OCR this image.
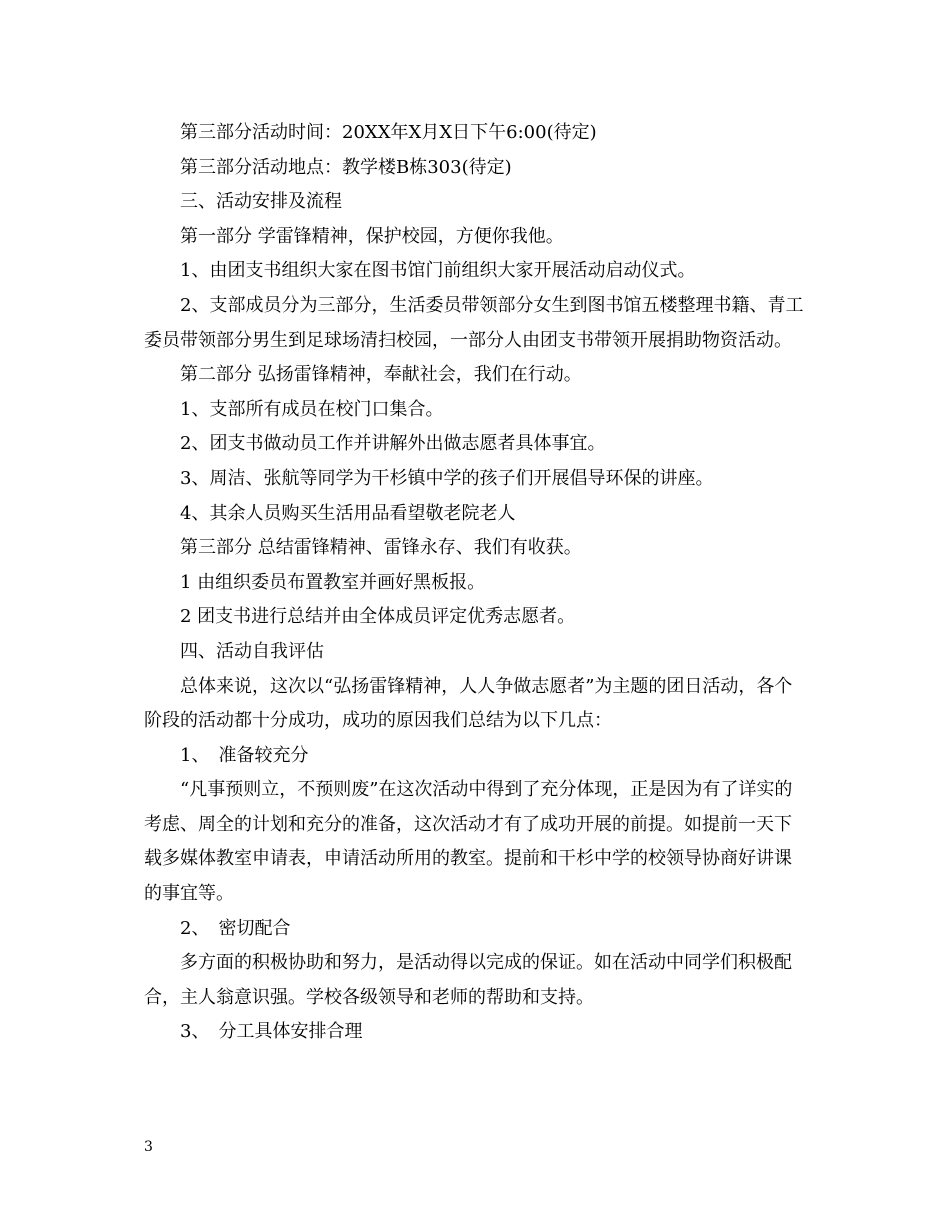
第三部分活动时间：20XX年X月X日下午6:00(待定)

第三部分活动地点：教学楼B栋303(待定)

三、活动安排及流程

第一部分 学雷锋精神，保护校园，方便你我他。

1、由团支书组织大家在图书馆门前组织大家开展活动启动仪式。

2、支部成员分为三部分，生活委员带领部分女生到图书馆五楼整理书籍、青工委员带领部分男生到足球场清扫校园，一部分人由团支书带领开展捐助物资活动。

第二部分 弘扬雷锋精神，奉献社会，我们在行动。

1、支部所有成员在校门口集合。

2、团支书做动员工作并讲解外出做志愿者具体事宜。

3、周洁、张航等同学为干杉镇中学的孩子们开展倡导环保的讲座。

4、其余人员购买生活用品看望敬老院老人

第三部分 总结雷锋精神、雷锋永存、我们有收获。

1 由组织委员布置教室并画好黑板报。

2 团支书进行总结并由全体成员评定优秀志愿者。

四、活动自我评估

总体来说，这次以“弘扬雷锋精神，人人争做志愿者”为主题的团日活动，各个阶段的活动都十分成功，成功的原因我们总结为以下几点：

1、　准备较充分

“凡事预则立，不预则废”在这次活动中得到了充分体现，正是因为有了详实的考虑、周全的计划和充分的准备，这次活动才有了成功开展的前提。如提前一天下载多媒体教室申请表，申请活动所用的教室。提前和干杉中学的校领导协商好讲课的事宜等。

2、　密切配合

多方面的积极协助和努力，是活动得以完成的保证。如在活动中同学们积极配合，主人翁意识强。学校各级领导和老师的帮助和支持。

3、　分工具体安排合理

3
